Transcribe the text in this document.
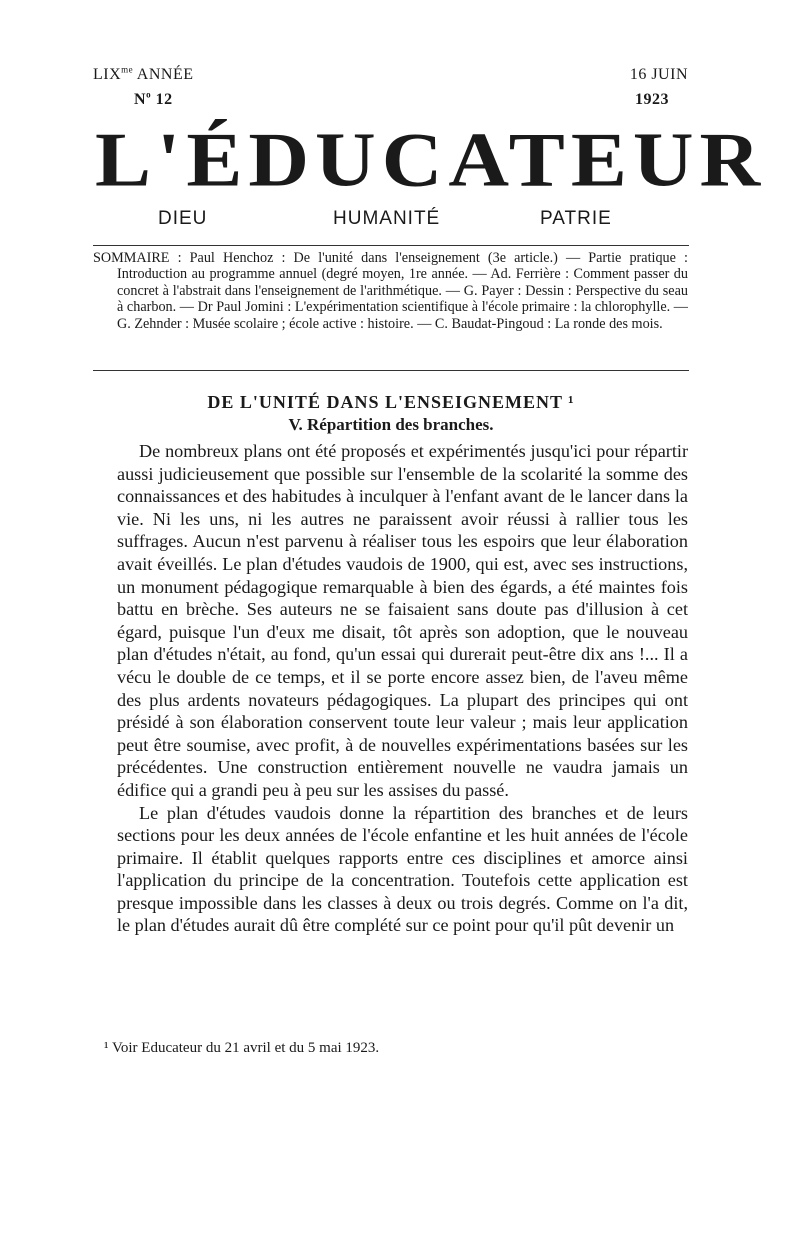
$LIX^{me}$ ANNÉE
$N^o$ 12
16 JUIN
1923
L'ÉDUCATEUR
DIEU	HUMANITÉ	PATRIE
SOMMAIRE : Paul Henchoz : De l'unité dans l'enseignement (3e article.) — Partie pratique : Introduction au programme annuel (degré moyen, 1re année. — Ad. Ferrière : Comment passer du concret à l'abstrait dans l'enseignement de l'arithmétique. — G. Payer : Dessin : Perspective du seau à charbon. — Dr Paul Jomini : L'expérimentation scientifique à l'école primaire : la chlorophylle. — G. Zehnder : Musée scolaire ; école active : histoire. — C. Baudat-Pingoud : La ronde des mois.
DE L'UNITÉ DANS L'ENSEIGNEMENT ¹
V. Répartition des branches.

De nombreux plans ont été proposés et expérimentés jusqu'ici pour répartir aussi judicieusement que possible sur l'ensemble de la scolarité la somme des connaissances et des habitudes à inculquer à l'enfant avant de le lancer dans la vie. Ni les uns, ni les autres ne paraissent avoir réussi à rallier tous les suffrages. Aucun n'est parvenu à réaliser tous les espoirs que leur élaboration avait éveillés. Le plan d'études vaudois de 1900, qui est, avec ses instructions, un monument pédagogique remarquable à bien des égards, a été maintes fois battu en brèche. Ses auteurs ne se faisaient sans doute pas d'illusion à cet égard, puisque l'un d'eux me disait, tôt après son adoption, que le nouveau plan d'études n'était, au fond, qu'un essai qui durerait peut-être dix ans !... Il a vécu le double de ce temps, et il se porte encore assez bien, de l'aveu même des plus ardents novateurs pédagogiques. La plupart des principes qui ont présidé à son élaboration conservent toute leur valeur ; mais leur application peut être soumise, avec profit, à de nouvelles expérimentations basées sur les précédentes. Une construction entièrement nouvelle ne vaudra jamais un édifice qui a grandi peu à peu sur les assises du passé.

Le plan d'études vaudois donne la répartition des branches et de leurs sections pour les deux années de l'école enfantine et les huit années de l'école primaire. Il établit quelques rapports entre ces disciplines et amorce ainsi l'application du principe de la concentration. Toutefois cette application est presque impossible dans les classes à deux ou trois degrés. Comme on l'a dit, le plan d'études aurait dû être complété sur ce point pour qu'il pût devenir un

¹ Voir Educateur du 21 avril et du 5 mai 1923.
